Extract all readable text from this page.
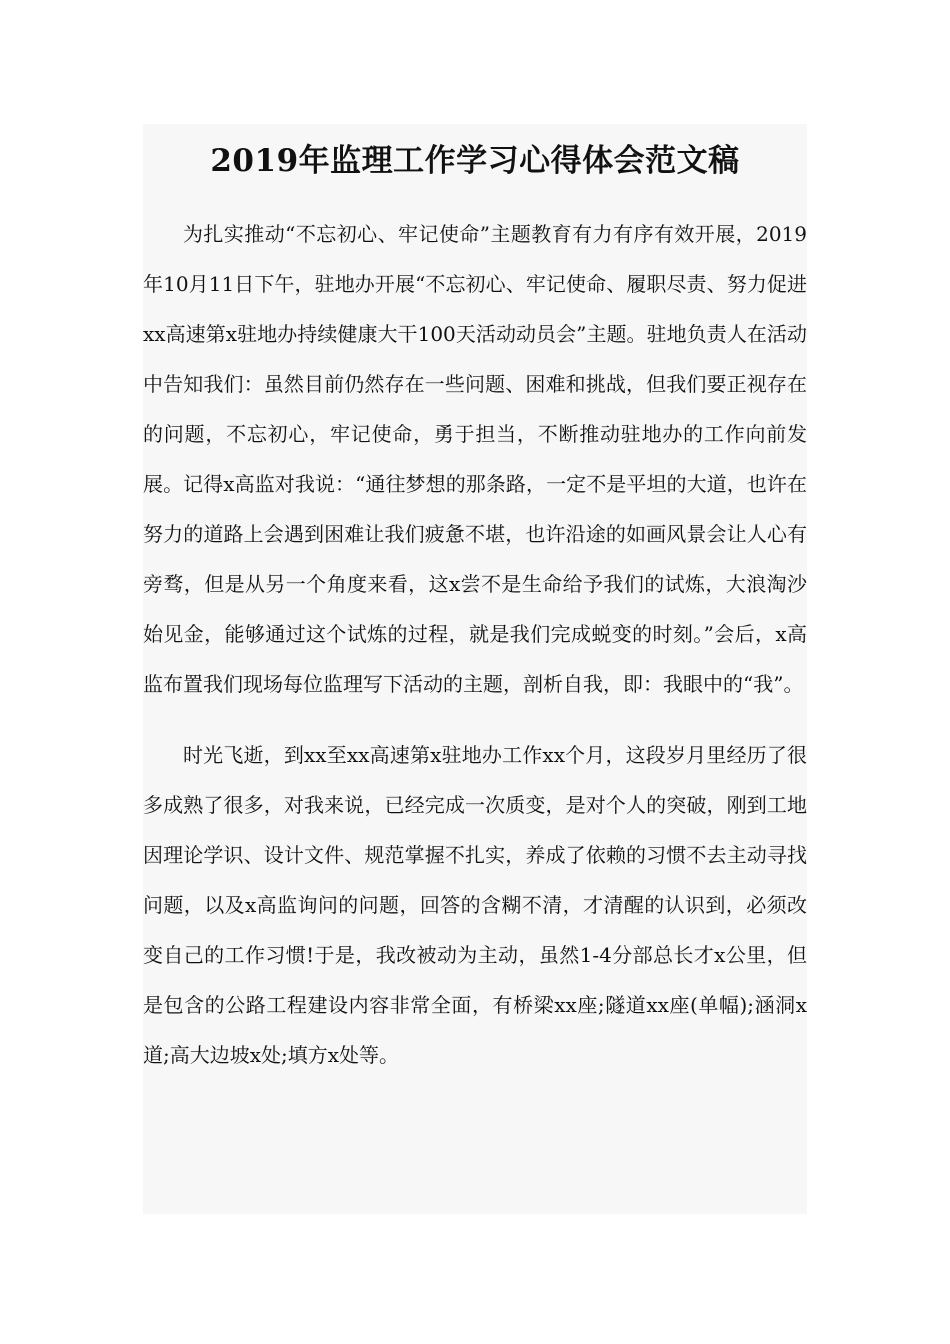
2019年监理工作学习心得体会范文稿

为扎实推动“不忘初心、牢记使命”主题教育有力有序有效开展，2019年10月11日下午，驻地办开展“不忘初心、牢记使命、履职尽责、努力促进xx高速第x驻地办持续健康大干100天活动动员会”主题。驻地负责人在活动中告知我们：虽然目前仍然存在一些问题、困难和挑战，但我们要正视存在的问题，不忘初心，牢记使命，勇于担当，不断推动驻地办的工作向前发展。记得x高监对我说：“通往梦想的那条路，一定不是平坦的大道，也许在努力的道路上会遇到困难让我们疲惫不堪，也许沿途的如画风景会让人心有旁骛，但是从另一个角度来看，这x尝不是生命给予我们的试炼，大浪淘沙始见金，能够通过这个试炼的过程，就是我们完成蜕变的时刻。”会后，x高监布置我们现场每位监理写下活动的主题，剖析自我，即：我眼中的“我”。

时光飞逝，到xx至xx高速第x驻地办工作xx个月，这段岁月里经历了很多成熟了很多，对我来说，已经完成一次质变，是对个人的突破，刚到工地因理论学识、设计文件、规范掌握不扎实，养成了依赖的习惯不去主动寻找问题，以及x高监询问的问题，回答的含糊不清，才清醒的认识到，必须改变自己的工作习惯!于是，我改被动为主动，虽然1-4分部总长才x公里，但是包含的公路工程建设内容非常全面，有桥梁xx座;隧道xx座(单幅);涵洞x道;高大边坡x处;填方x处等。
